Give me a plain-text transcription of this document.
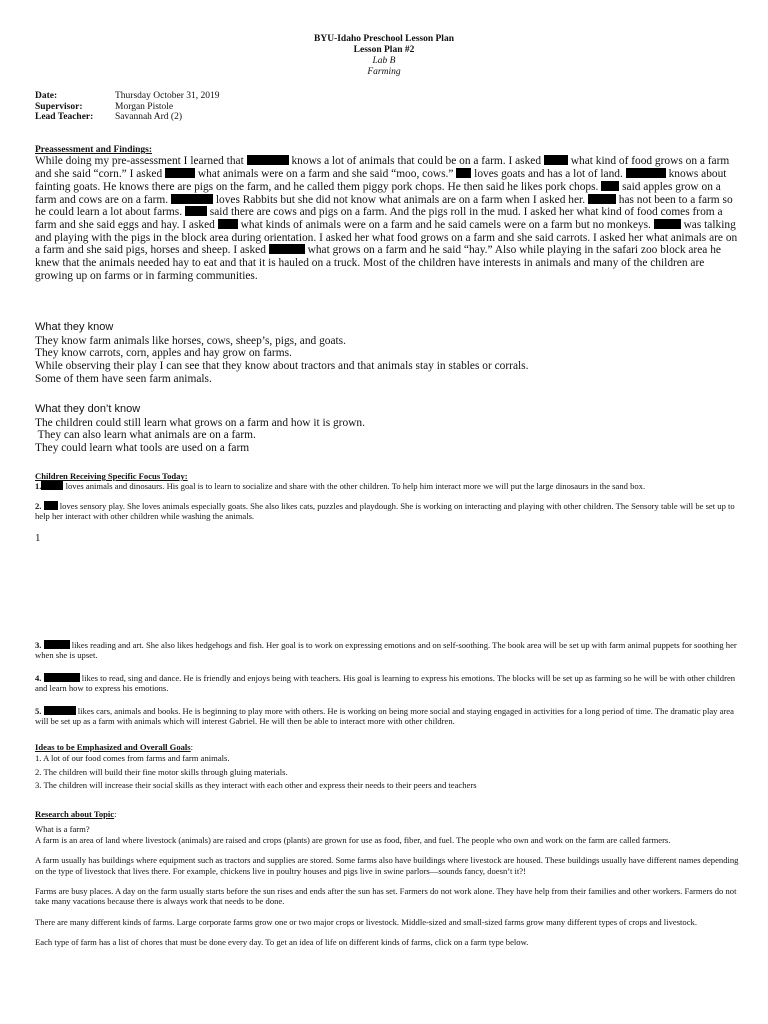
BYU-Idaho Preschool Lesson Plan
Lesson Plan #2
Lab B
Farming
Date:	Thursday October 31, 2019
Supervisor:	Morgan Pistole
Lead Teacher:	Savannah Ard (2)
Preassessment and Findings:

While doing my pre-assessment I learned that	knows a lot of animals that could be on a farm. I asked	what kind of food grows on a farm and she said “corn.” I asked	what animals were on a farm and she said “moo, cows.” loves goats and has a lot of land.	knows about fainting goats. He knows there are pigs on the farm, and he called them piggy pork chops. He then said he likes pork chops. said apples grow on a farm and cows are on a farm.	loves Rabbits but she did not know what animals are on a farm when I asked her.	has not been to a farm so he could learn a lot about farms. said there are cows and pigs on a farm. And the pigs roll in the mud. I asked her what kind of food comes from a farm and she said eggs and hay. I asked what kinds of animals were on a farm and he said camels were on a farm but no monkeys.	was talking and playing with the pigs in the block area during orientation. I asked her what food grows on a farm and she said carrots. I asked her what animals are on a farm and she said pigs, horses and sheep. I asked	what grows on a farm and he said “hay.” Also while playing in the safari zoo block area he knew that the animals needed hay to eat and that it is hauled on a truck. Most of the children have interests in animals and many of the children are growing up on farms or in farming communities.

What they know
They know farm animals like horses, cows, sheep’s, pigs, and goats.
They know carrots, corn, apples and hay grow on farms.
While observing their play I can see that they know about tractors and that animals stay in stables or corrals.
Some of them have seen farm animals.
What they don’t know
The children could still learn what grows on a farm and how it is grown.
They can also learn what animals are on a farm.
They could learn what tools are used on a farm
Children Receiving Specific Focus Today:

1.	loves animals and dinosaurs. His goal is to learn to socialize and share with the other children. To help him interact more we will put the large dinosaurs in the sand box.

2. loves sensory play. She loves animals especially goats. She also likes cats, puzzles and playdough. She is working on interacting and playing with other children. The Sensory table will be set up to help her interact with other children while washing the animals.

1

3.	likes reading and art. She also likes hedgehogs and fish. Her goal is to work on expressing emotions and on self-soothing. The book area will be set up with farm animal puppets for soothing her when she is upset.

4.	likes to read, sing and dance. He is friendly and enjoys being with teachers. His goal is learning to express his emotions. The blocks will be set up as farming so he will be with other children and learn how to express his emotions.

5.	likes cars, animals and books. He is beginning to play more with others. He is working on being more social and staying engaged in activities for a long period of time. The dramatic play area will be set up as a farm with animals which will interest Gabriel. He will then be able to interact more with other children.

Ideas to be Emphasized and Overall Goals:
1. A lot of our food comes from farms and farm animals.
2. The children will build their fine motor skills through gluing materials.
3. The children will increase their social skills as they interact with each other and express their needs to their peers and teachers
Research about Topic:
What is a farm?

A farm is an area of land where livestock (animals) are raised and crops (plants) are grown for use as food, fiber, and fuel. The people who own and work on the farm are called farmers.

A farm usually has buildings where equipment such as tractors and supplies are stored. Some farms also have buildings where livestock are housed. These buildings usually have different names depending on the type of livestock that lives there. For example, chickens live in poultry houses and pigs live in swine parlors—sounds fancy, doesn’t it?!

Farms are busy places. A day on the farm usually starts before the sun rises and ends after the sun has set. Farmers do not work alone. They have help from their families and other workers. Farmers do not take many vacations because there is always work that needs to be done.

There are many different kinds of farms. Large corporate farms grow one or two major crops or livestock. Middle-sized and small-sized farms grow many different types of crops and livestock.

Each type of farm has a list of chores that must be done every day. To get an idea of life on different kinds of farms, click on a farm type below.
